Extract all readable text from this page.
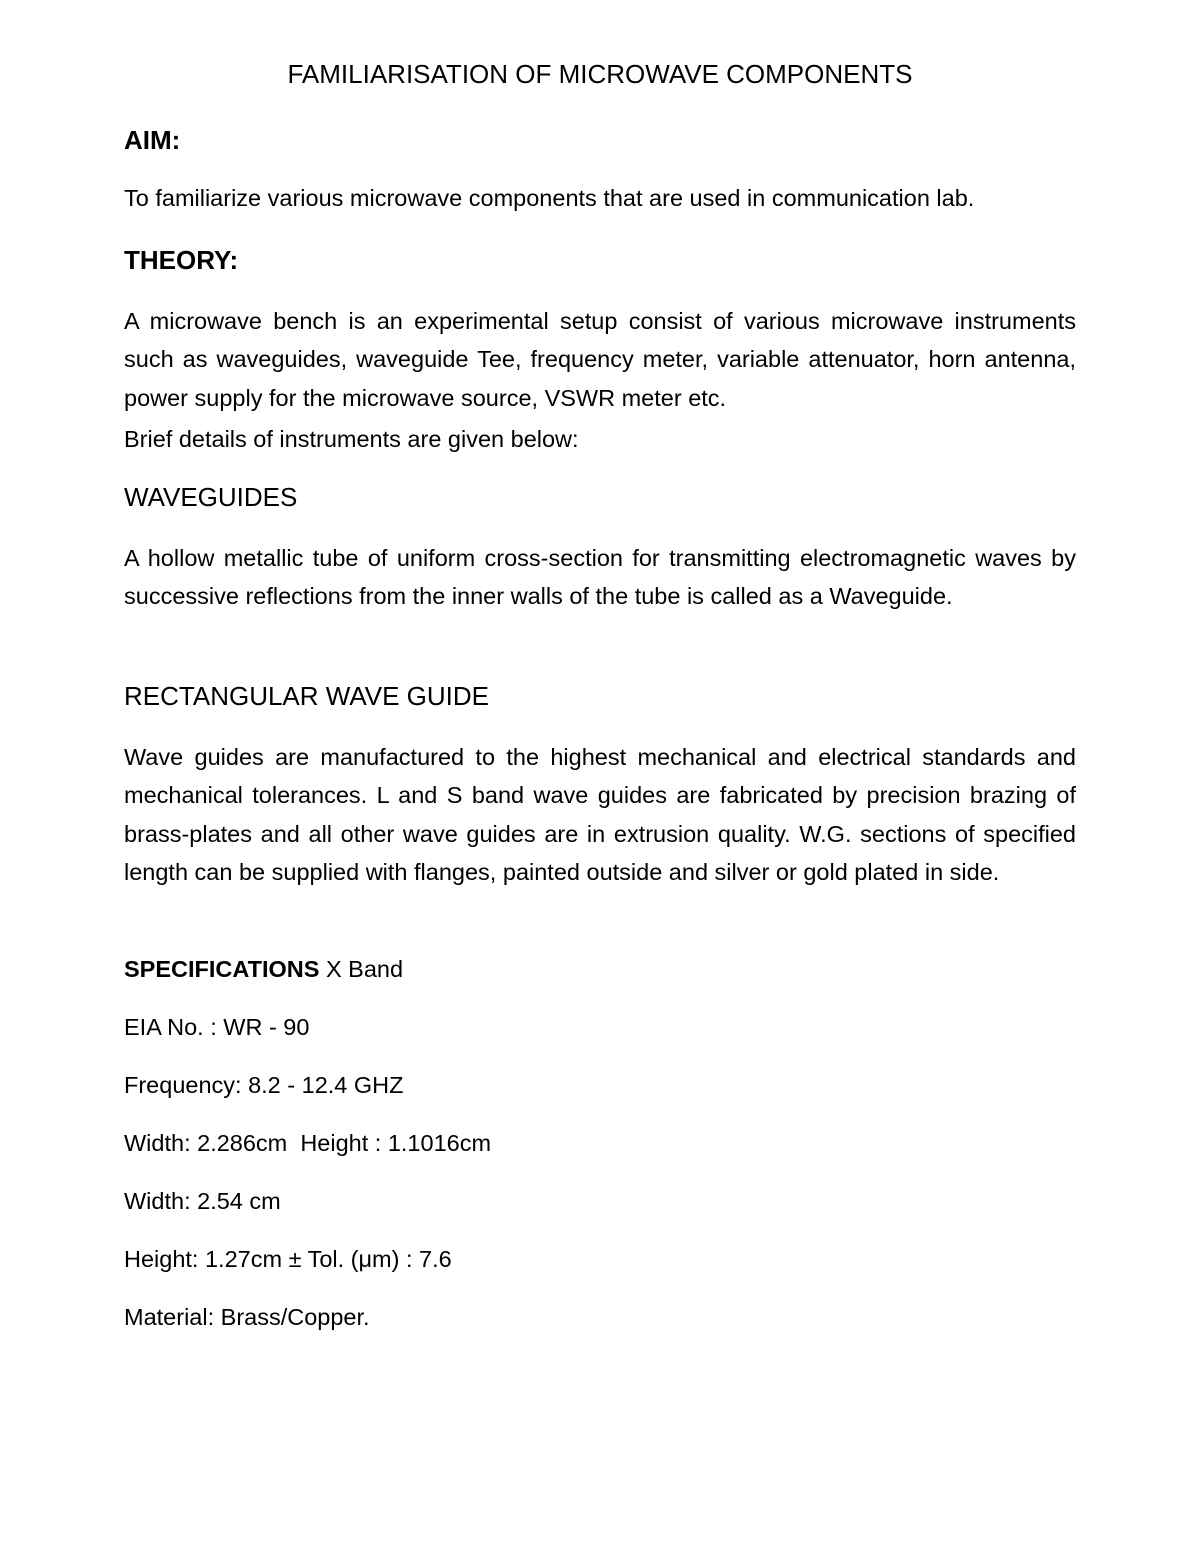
FAMILIARISATION OF MICROWAVE COMPONENTS
AIM:
To familiarize various microwave components that are used in communication lab.
THEORY:
A microwave bench is an experimental setup consist of various microwave instruments such as waveguides, waveguide Tee, frequency meter, variable attenuator, horn antenna, power supply for the microwave source, VSWR meter etc.
Brief details of instruments are given below:
WAVEGUIDES
A hollow metallic tube of uniform cross-section for transmitting electromagnetic waves by successive reflections from the inner walls of the tube is called as a Waveguide.
RECTANGULAR WAVE GUIDE
Wave guides are manufactured to the highest mechanical and electrical standards and mechanical tolerances. L and S band wave guides are fabricated by precision brazing of brass-plates and all other wave guides are in extrusion quality. W.G. sections of specified length can be supplied with flanges, painted outside and silver or gold plated in side.
SPECIFICATIONS X Band
EIA No. : WR - 90
Frequency: 8.2 - 12.4 GHZ
Width: 2.286cm  Height : 1.1016cm
Width: 2.54 cm
Height: 1.27cm ± Tol. (μm) : 7.6
Material: Brass/Copper.
